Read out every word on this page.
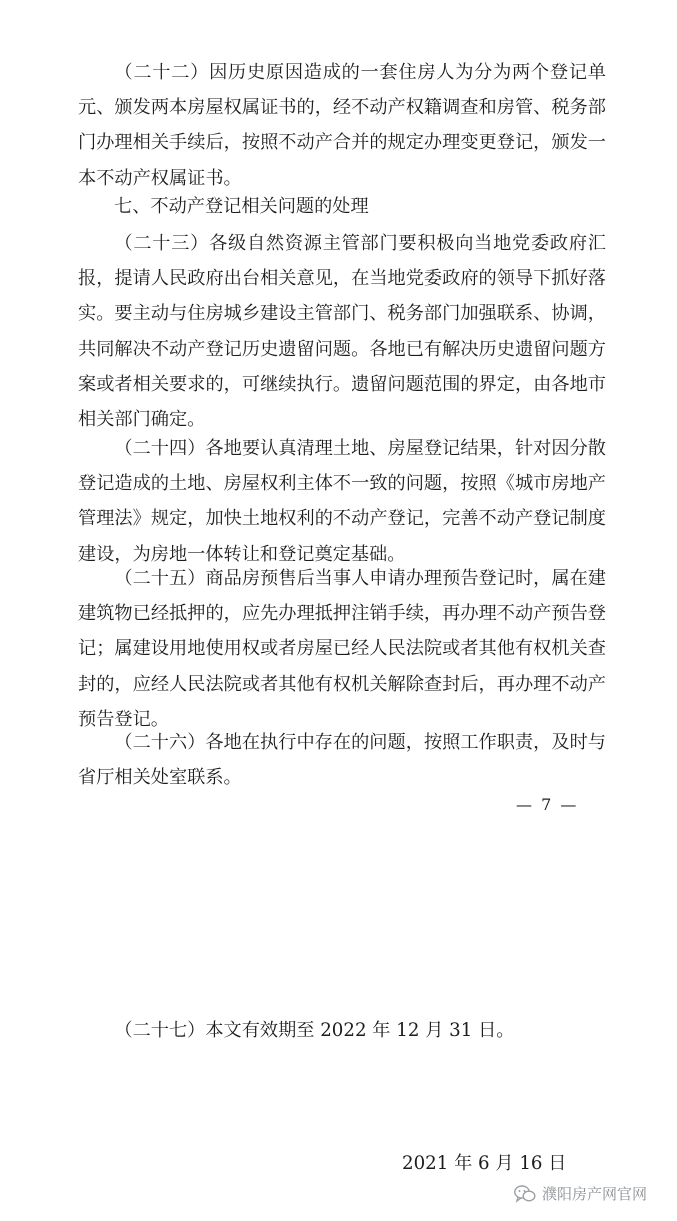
（二十二）因历史原因造成的一套住房人为分为两个登记单元、颁发两本房屋权属证书的，经不动产权籍调查和房管、税务部门办理相关手续后，按照不动产合并的规定办理变更登记，颁发一本不动产权属证书。

七、不动产登记相关问题的处理

（二十三）各级自然资源主管部门要积极向当地党委政府汇报，提请人民政府出台相关意见，在当地党委政府的领导下抓好落实。要主动与住房城乡建设主管部门、税务部门加强联系、协调，共同解决不动产登记历史遗留问题。各地已有解决历史遗留问题方案或者相关要求的，可继续执行。遗留问题范围的界定，由各地市相关部门确定。

（二十四）各地要认真清理土地、房屋登记结果，针对因分散登记造成的土地、房屋权利主体不一致的问题，按照《城市房地产管理法》规定，加快土地权利的不动产登记，完善不动产登记制度建设，为房地一体转让和登记奠定基础。

（二十五）商品房预售后当事人申请办理预告登记时，属在建建筑物已经抵押的，应先办理抵押注销手续，再办理不动产预告登记；属建设用地使用权或者房屋已经人民法院或者其他有权机关查封的，应经人民法院或者其他有权机关解除查封后，再办理不动产预告登记。

（二十六）各地在执行中存在的问题，按照工作职责，及时与省厅相关处室联系。

— 7 —

（二十七）本文有效期至 2022 年 12 月 31 日。

2021 年 6 月 16 日
濮阳房产网官网
